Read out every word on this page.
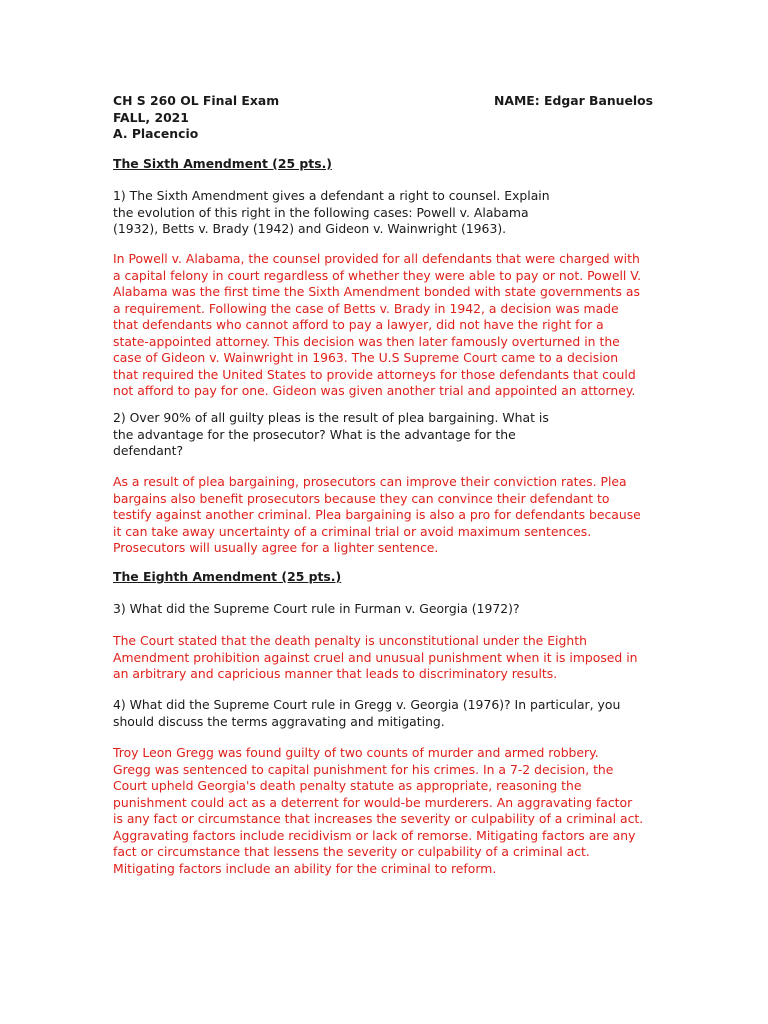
CH S 260 OL Final Exam	NAME: Edgar Banuelos
FALL, 2021
A. Placencio
The Sixth Amendment (25 pts.)
1) The Sixth Amendment gives a defendant a right to counsel. Explain
the evolution of this right in the following cases: Powell v. Alabama
(1932), Betts v. Brady (1942) and Gideon v. Wainwright (1963).
In Powell v. Alabama, the counsel provided for all defendants that were charged with
a capital felony in court regardless of whether they were able to pay or not. Powell V.
Alabama was the first time the Sixth Amendment bonded with state governments as
a requirement. Following the case of Betts v. Brady in 1942, a decision was made
that defendants who cannot afford to pay a lawyer, did not have the right for a
state-appointed attorney. This decision was then later famously overturned in the
case of Gideon v. Wainwright in 1963. The U.S Supreme Court came to a decision
that required the United States to provide attorneys for those defendants that could
not afford to pay for one. Gideon was given another trial and appointed an attorney.
2) Over 90% of all guilty pleas is the result of plea bargaining. What is
the advantage for the prosecutor? What is the advantage for the
defendant?
As a result of plea bargaining, prosecutors can improve their conviction rates. Plea
bargains also benefit prosecutors because they can convince their defendant to
testify against another criminal. Plea bargaining is also a pro for defendants because
it can take away uncertainty of a criminal trial or avoid maximum sentences.
Prosecutors will usually agree for a lighter sentence.
The Eighth Amendment (25 pts.)
3) What did the Supreme Court rule in Furman v. Georgia (1972)?
The Court stated that the death penalty is unconstitutional under the Eighth
Amendment prohibition against cruel and unusual punishment when it is imposed in
an arbitrary and capricious manner that leads to discriminatory results.
4) What did the Supreme Court rule in Gregg v. Georgia (1976)? In particular, you
should discuss the terms aggravating and mitigating.
Troy Leon Gregg was found guilty of two counts of murder and armed robbery.
Gregg was sentenced to capital punishment for his crimes. In a 7-2 decision, the
Court upheld Georgia's death penalty statute as appropriate, reasoning the
punishment could act as a deterrent for would-be murderers. An aggravating factor
is any fact or circumstance that increases the severity or culpability of a criminal act.
Aggravating factors include recidivism or lack of remorse. Mitigating factors are any
fact or circumstance that lessens the severity or culpability of a criminal act.
Mitigating factors include an ability for the criminal to reform.
